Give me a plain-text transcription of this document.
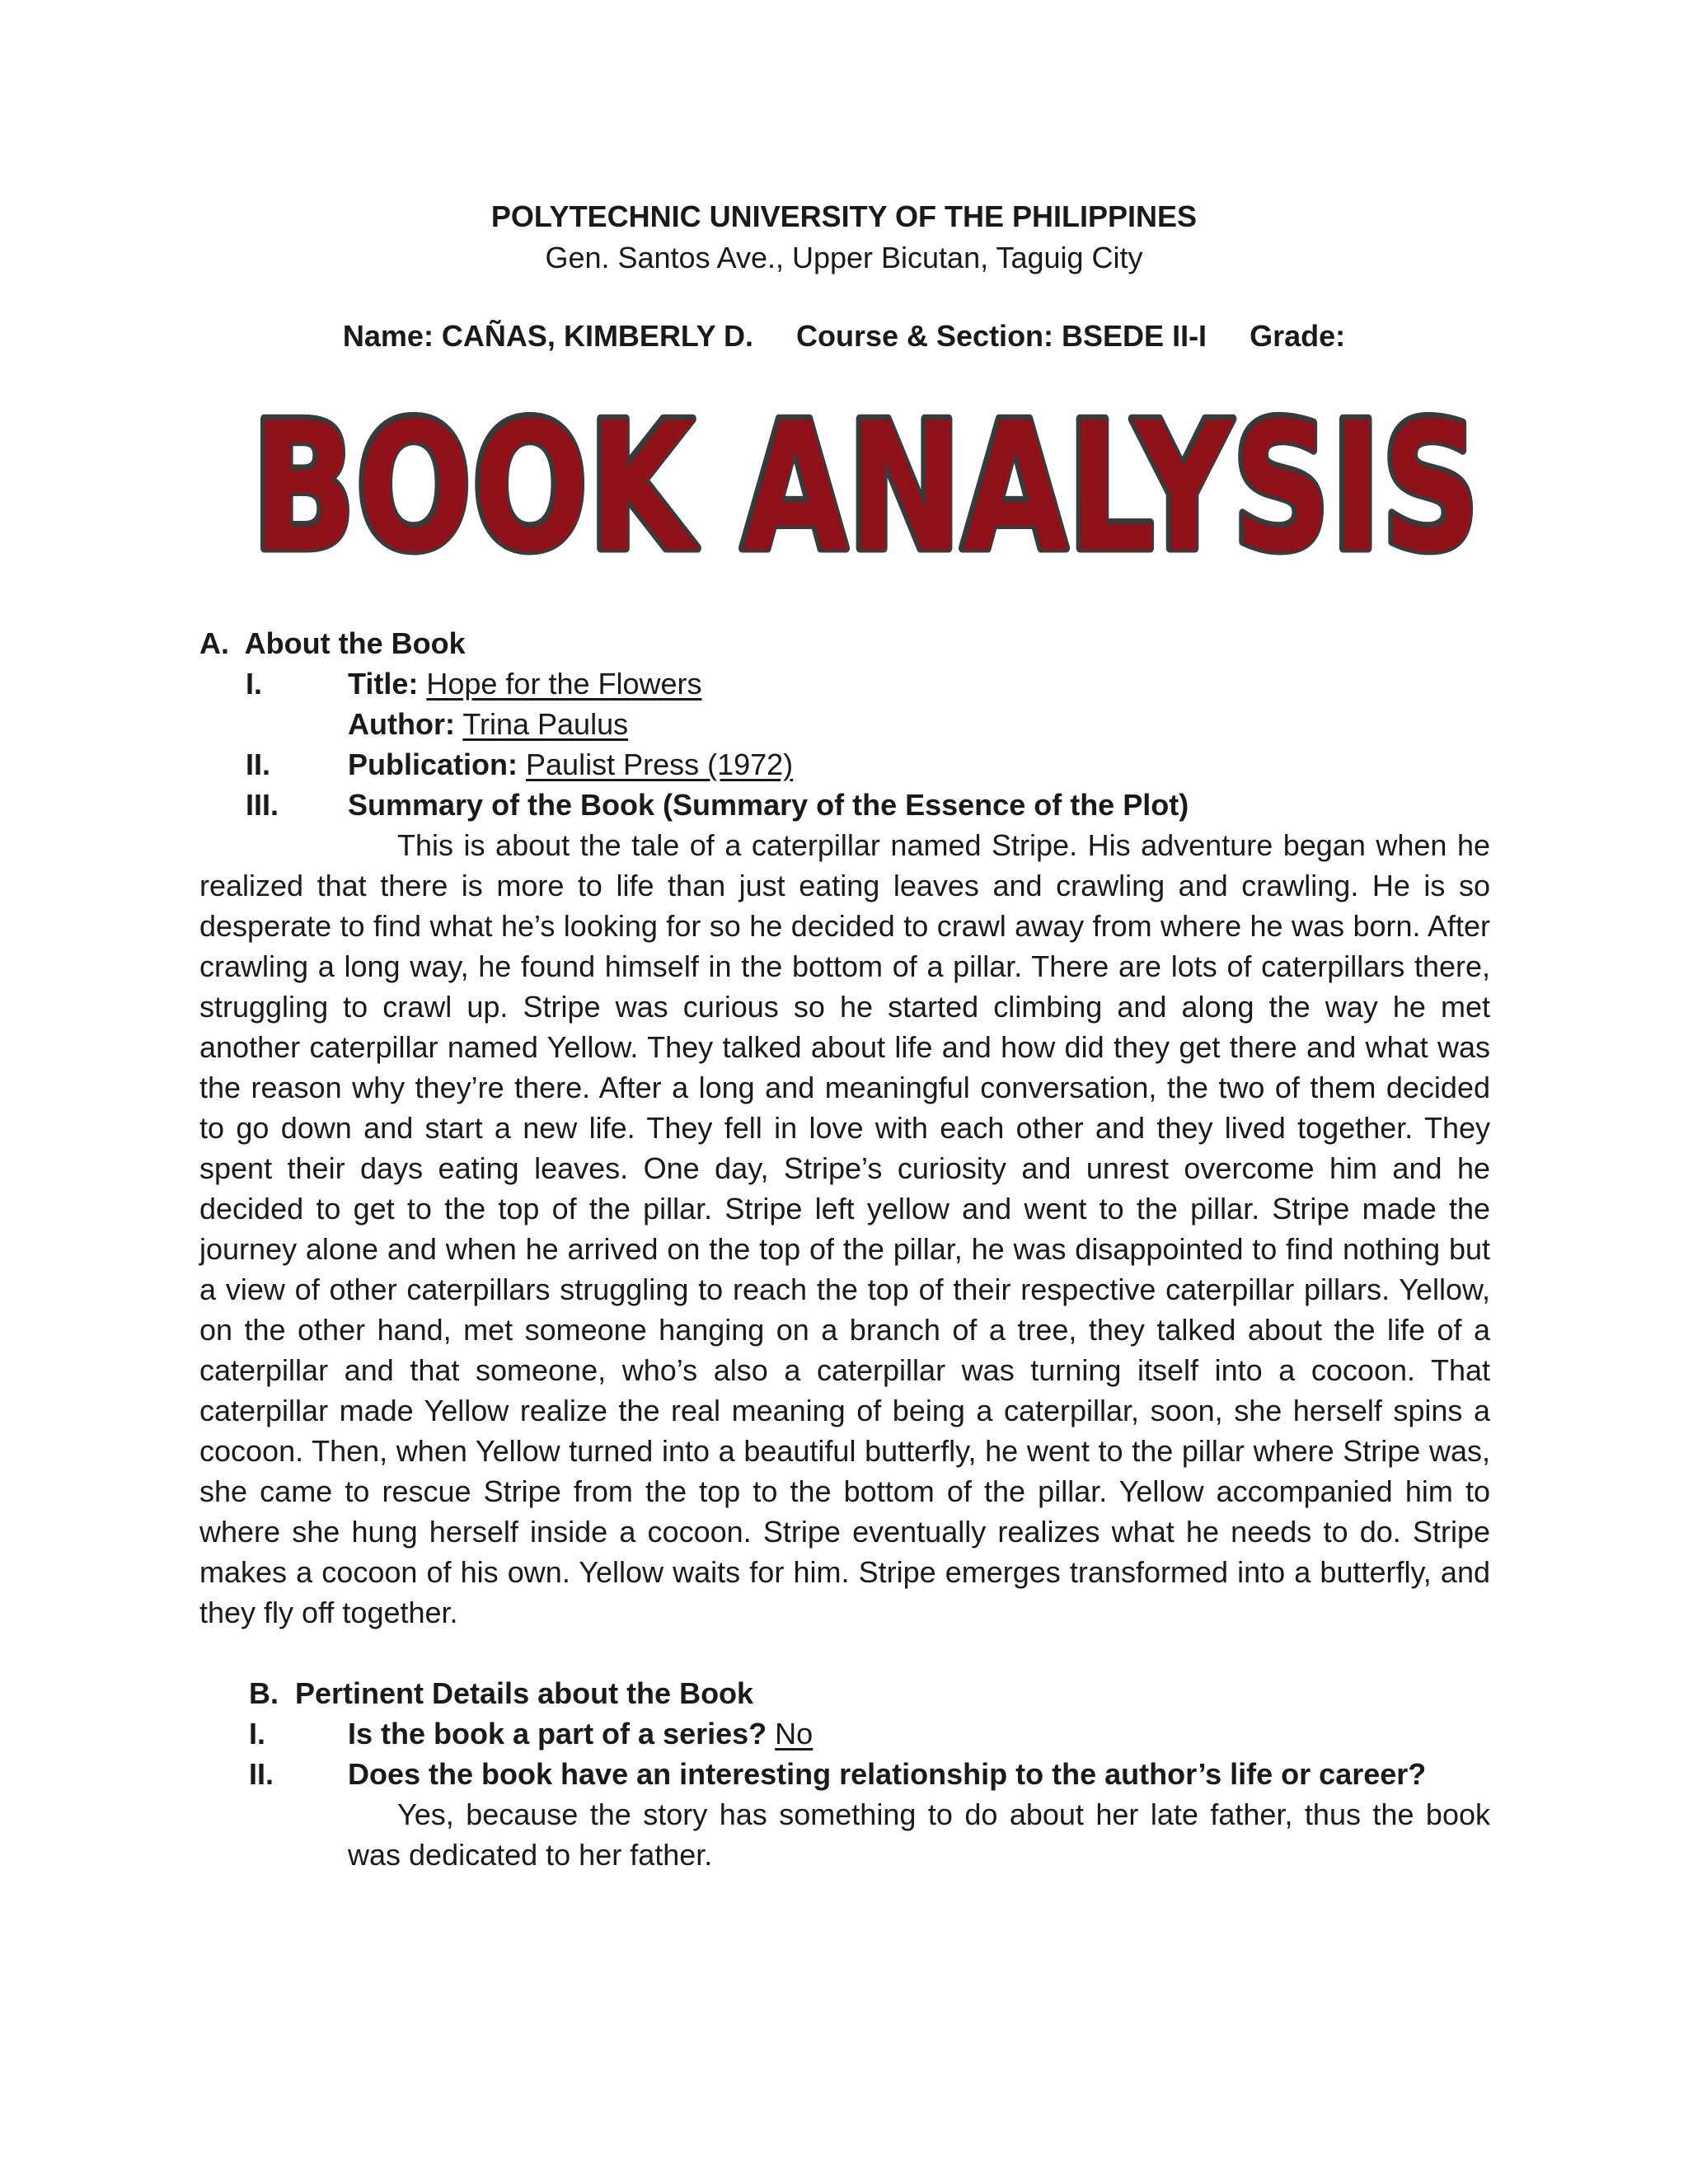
POLYTECHNIC UNIVERSITY OF THE PHILIPPINES
Gen. Santos Ave., Upper Bicutan, Taguig City
Name: CAÑAS, KIMBERLY D. Course & Section: BSEDE II-I Grade:
BOOK ANALYSIS
A.  About the Book
I.	Title: Hope for the Flowers
Author: Trina Paulus
II.	Publication: Paulist Press (1972)
III. Summary of the Book (Summary of the Essence of the Plot)

This is about the tale of a caterpillar named Stripe. His adventure began when he realized that there is more to life than just eating leaves and crawling and crawling. He is so desperate to find what he’s looking for so he decided to crawl away from where he was born. After crawling a long way, he found himself in the bottom of a pillar. There are lots of caterpillars there, struggling to crawl up. Stripe was curious so he started climbing and along the way he met another caterpillar named Yellow. They talked about life and how did they get there and what was the reason why they’re there. After a long and meaningful conversation, the two of them decided to go down and start a new life. They fell in love with each other and they lived together. They spent their days eating leaves. One day, Stripe’s curiosity and unrest overcome him and he decided to get to the top of the pillar. Stripe left yellow and went to the pillar. Stripe made the journey alone and when he arrived on the top of the pillar, he was disappointed to find nothing but a view of other caterpillars struggling to reach the top of their respective caterpillar pillars. Yellow, on the other hand, met someone hanging on a branch of a tree, they talked about the life of a caterpillar and that someone, who’s also a caterpillar was turning itself into a cocoon. That caterpillar made Yellow realize the real meaning of being a caterpillar, soon, she herself spins a cocoon. Then, when Yellow turned into a beautiful butterfly, he went to the pillar where Stripe was, she came to rescue Stripe from the top to the bottom of the pillar. Yellow accompanied him to where she hung herself inside a cocoon. Stripe eventually realizes what he needs to do. Stripe makes a cocoon of his own. Yellow waits for him. Stripe emerges transformed into a butterfly, and they fly off together.

B.  Pertinent Details about the Book
I.	Is the book a part of a series? No
II. Does the book have an interesting relationship to the author’s life or career?

Yes, because the story has something to do about her late father, thus the book was dedicated to her father.
